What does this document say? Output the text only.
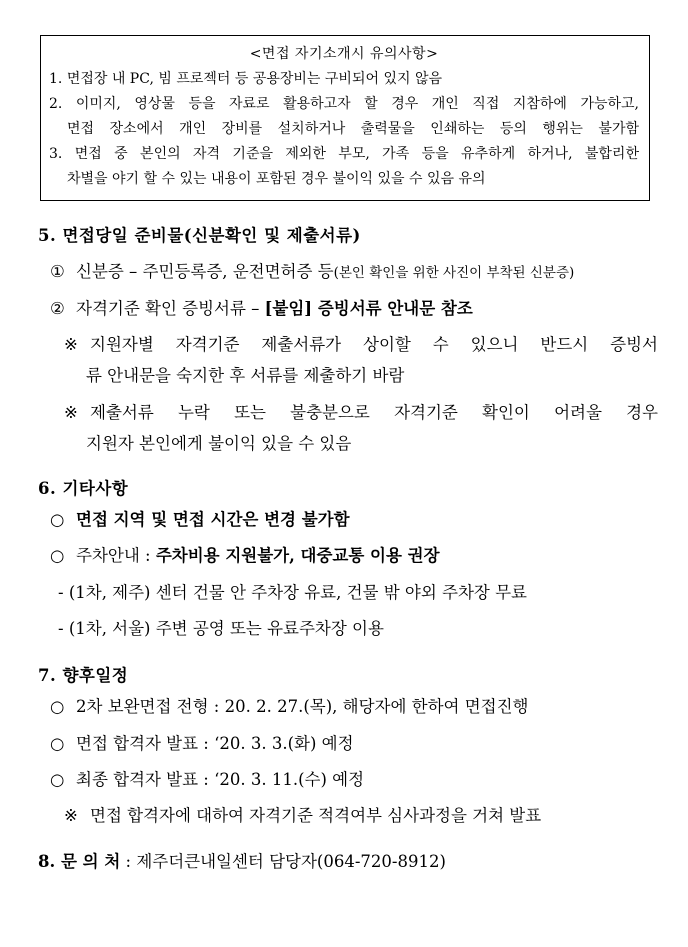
<면접 자기소개시 유의사항>
1. 면접장 내 PC, 빔 프로젝터 등 공용장비는 구비되어 있지 않음
2. 이미지, 영상물 등을 자료로 활용하고자 할 경우 개인 직접 지참하에 가능하고,
면접 장소에서 개인 장비를 설치하거나 출력물을 인쇄하는 등의 행위는 불가함
3. 면접 중 본인의 자격 기준을 제외한 부모, 가족 등을 유추하게 하거나, 불합리한
차별을 야기 할 수 있는 내용이 포함된 경우 불이익 있을 수 있음 유의
5. 면접당일 준비물(신분확인 및 제출서류)
① 신분증 – 주민등록증, 운전면허증 등(본인 확인을 위한 사진이 부착된 신분증)
② 자격기준 확인 증빙서류 – [붙임] 증빙서류 안내문 참조
※ 지원자별 자격기준 제출서류가 상이할 수 있으니 반드시 증빙서
류 안내문을 숙지한 후 서류를 제출하기 바람
※ 제출서류 누락 또는 불충분으로 자격기준 확인이 어려울 경우
지원자 본인에게 불이익 있을 수 있음
6. 기타사항
○ 면접 지역 및 면접 시간은 변경 불가함
○ 주차안내 : 주차비용 지원불가, 대중교통 이용 권장
- (1차, 제주) 센터 건물 안 주차장 유료, 건물 밖 야외 주차장 무료
- (1차, 서울) 주변 공영 또는 유료주차장 이용
7. 향후일정
○ 2차 보완면접 전형 : 20. 2. 27.(목), 해당자에 한하여 면접진행
○ 면접 합격자 발표 : ‘20. 3. 3.(화) 예정
○ 최종 합격자 발표 : ‘20. 3. 11.(수) 예정
※ 면접 합격자에 대하여 자격기준 적격여부 심사과정을 거쳐 발표
8. 문 의 처 : 제주더큰내일센터 담당자(064-720-8912)
